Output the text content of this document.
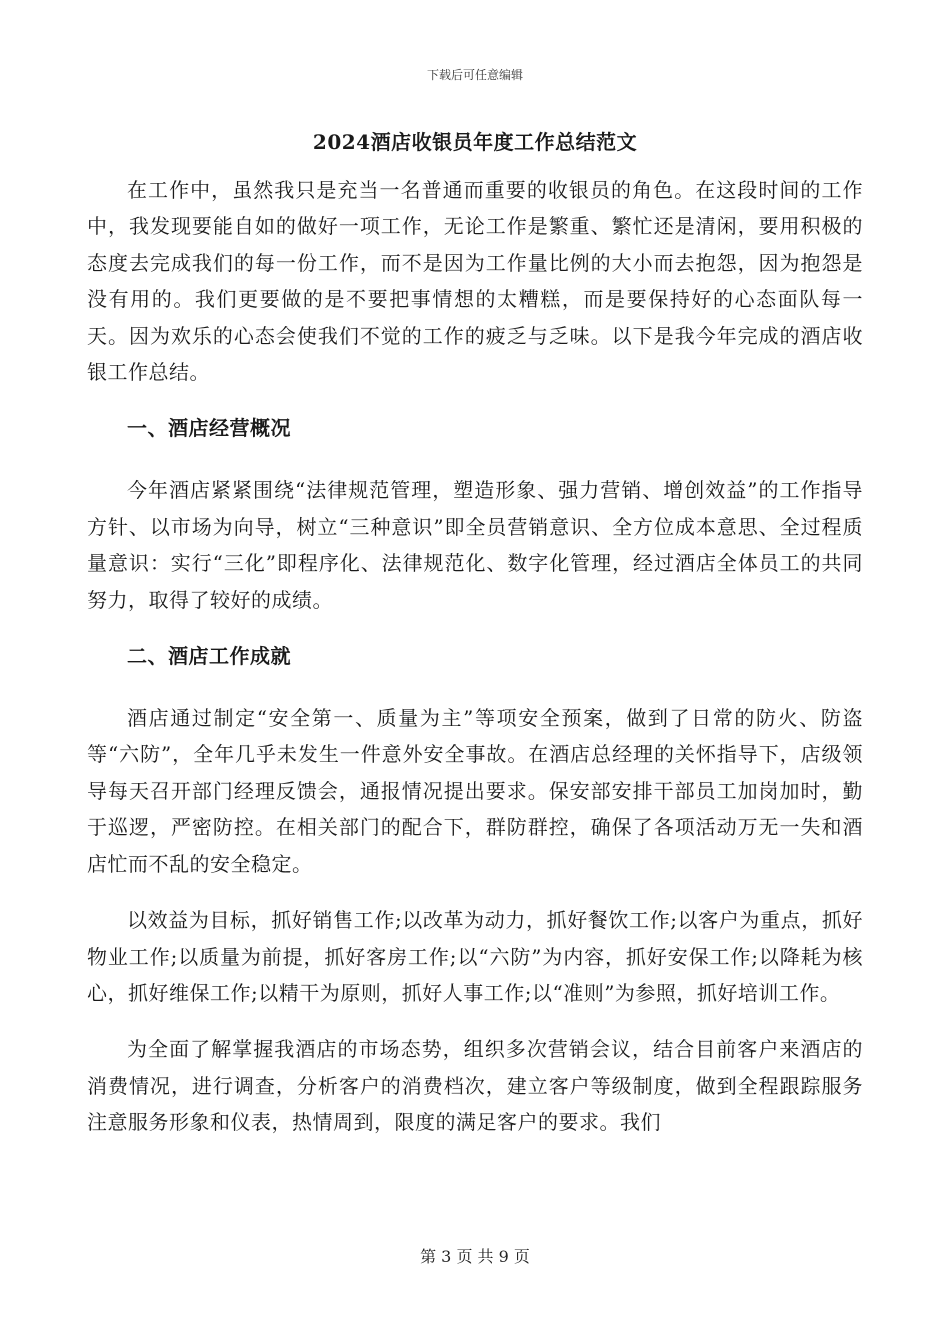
下载后可任意编辑
2024酒店收银员年度工作总结范文

在工作中，虽然我只是充当一名普通而重要的收银员的角色。在这段时间的工作中，我发现要能自如的做好一项工作，无论工作是繁重、繁忙还是清闲，要用积极的态度去完成我们的每一份工作，而不是因为工作量比例的大小而去抱怨，因为抱怨是没有用的。我们更要做的是不要把事情想的太糟糕，而是要保持好的心态面队每一天。因为欢乐的心态会使我们不觉的工作的疲乏与乏味。以下是我今年完成的酒店收银工作总结。

一、酒店经营概况

今年酒店紧紧围绕“法律规范管理，塑造形象、强力营销、增创效益”的工作指导方针、以市场为向导，树立“三种意识”即全员营销意识、全方位成本意思、全过程质量意识：实行“三化”即程序化、法律规范化、数字化管理，经过酒店全体员工的共同努力，取得了较好的成绩。

二、酒店工作成就

酒店通过制定“安全第一、质量为主”等项安全预案，做到了日常的防火、防盗等“六防”，全年几乎未发生一件意外安全事故。在酒店总经理的关怀指导下，店级领导每天召开部门经理反馈会，通报情况提出要求。保安部安排干部员工加岗加时，勤于巡逻，严密防控。在相关部门的配合下，群防群控，确保了各项活动万无一失和酒店忙而不乱的安全稳定。

以效益为目标，抓好销售工作;以改革为动力，抓好餐饮工作;以客户为重点，抓好物业工作;以质量为前提，抓好客房工作;以“六防”为内容，抓好安保工作;以降耗为核心，抓好维保工作;以精干为原则，抓好人事工作;以“准则”为参照，抓好培训工作。

为全面了解掌握我酒店的市场态势，组织多次营销会议，结合目前客户来酒店的消费情况，进行调查，分析客户的消费档次，建立客户等级制度，做到全程跟踪服务注意服务形象和仪表，热情周到，限度的满足客户的要求。我们

第 3 页 共 9 页
